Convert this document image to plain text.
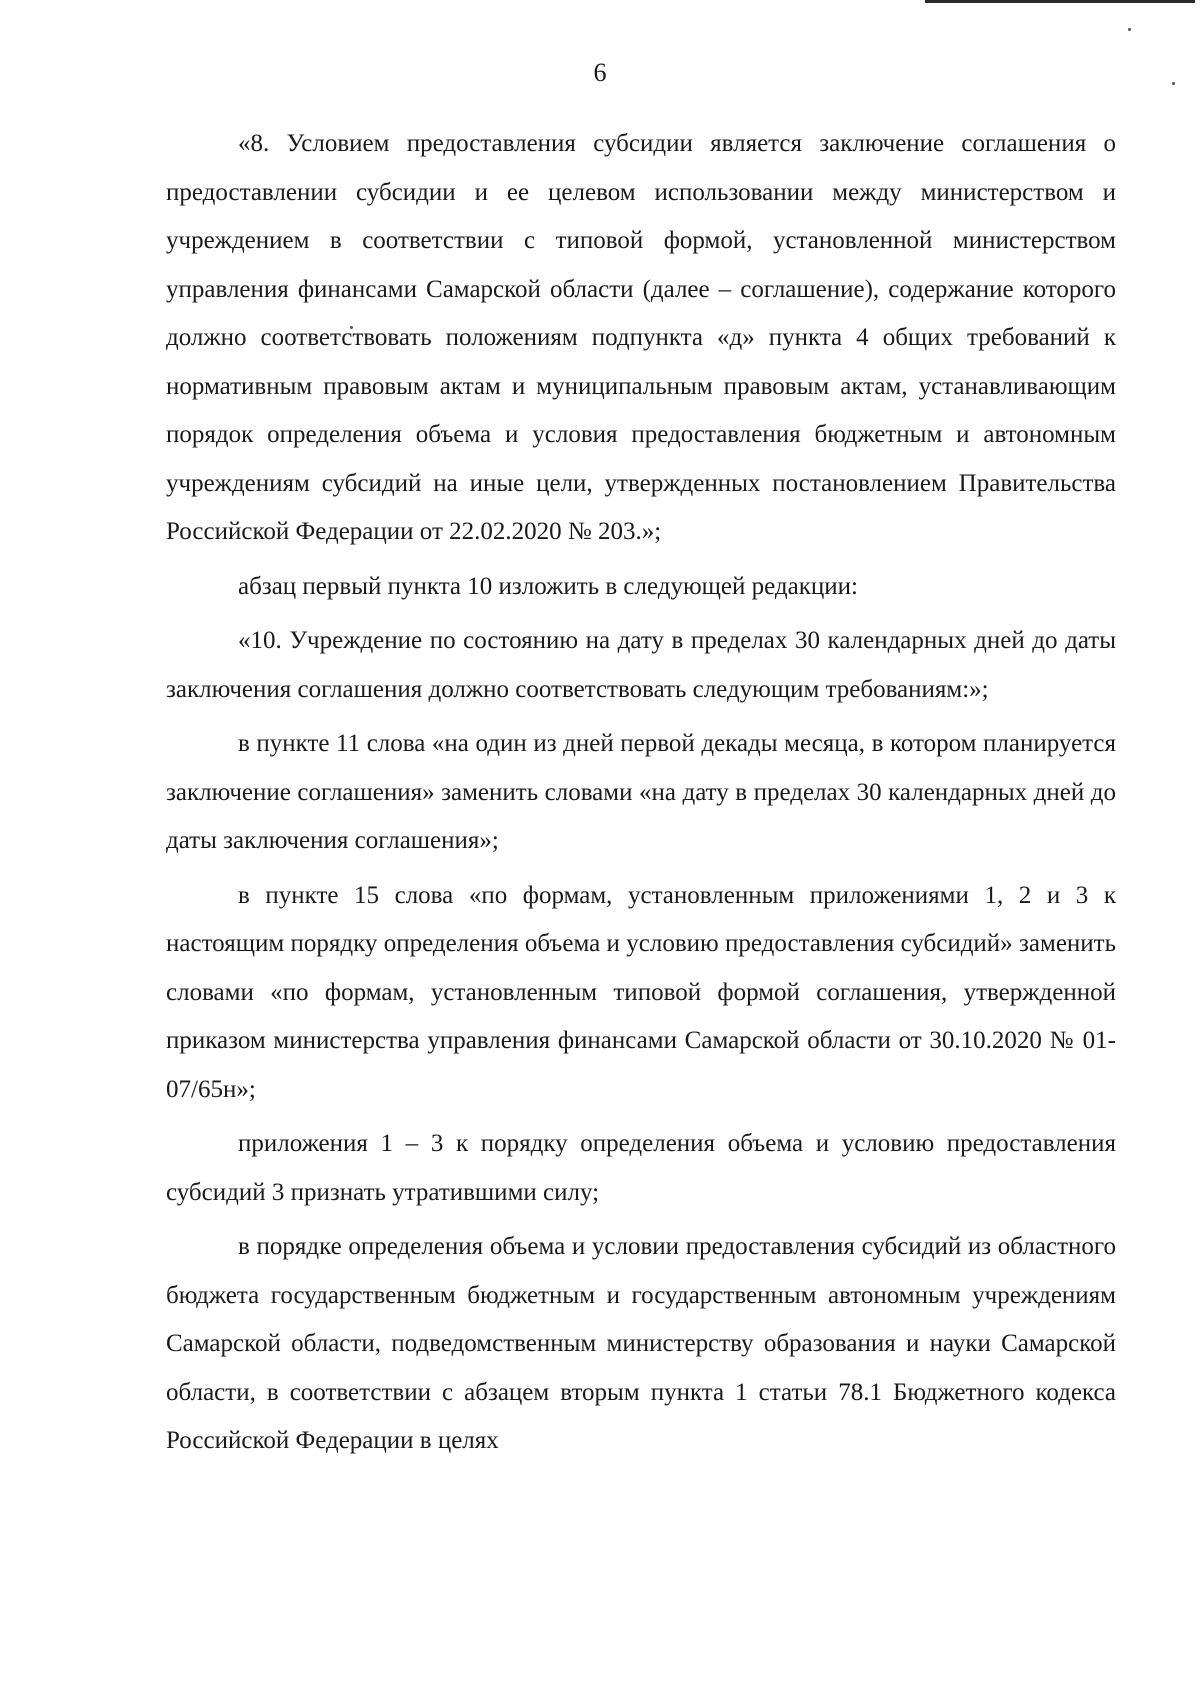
6

«8. Условием предоставления субсидии является заключение соглашения о предоставлении субсидии и ее целевом использовании между министерством и учреждением в соответствии с типовой формой, установленной министерством управления финансами Самарской области (далее – соглашение), содержание которого должно соответствовать положениям подпункта «д» пункта 4 общих требований к нормативным правовым актам и муниципальным правовым актам, устанавливающим порядок определения объема и условия предоставления бюджетным и автономным учреждениям субсидий на иные цели, утвержденных постановлением Правительства Российской Федерации от 22.02.2020 № 203.»;

абзац первый пункта 10 изложить в следующей редакции:

«10. Учреждение по состоянию на дату в пределах 30 календарных дней до даты заключения соглашения должно соответствовать следующим требованиям:»;

в пункте 11 слова «на один из дней первой декады месяца, в котором планируется заключение соглашения» заменить словами «на дату в пределах 30 календарных дней до даты заключения соглашения»;

в пункте 15 слова «по формам, установленным приложениями 1, 2 и 3 к настоящим порядку определения объема и условию предоставления субсидий» заменить словами «по формам, установленным типовой формой соглашения, утвержденной приказом министерства управления финансами Самарской области от 30.10.2020 № 01-07/65н»;

приложения 1 – 3 к порядку определения объема и условию предоставления субсидий 3 признать утратившими силу;

в порядке определения объема и условии предоставления субсидий из областного бюджета государственным бюджетным и государственным автономным учреждениям Самарской области, подведомственным министерству образования и науки Самарской области, в соответствии с абзацем вторым пункта 1 статьи 78.1 Бюджетного кодекса Российской Федерации в целях
